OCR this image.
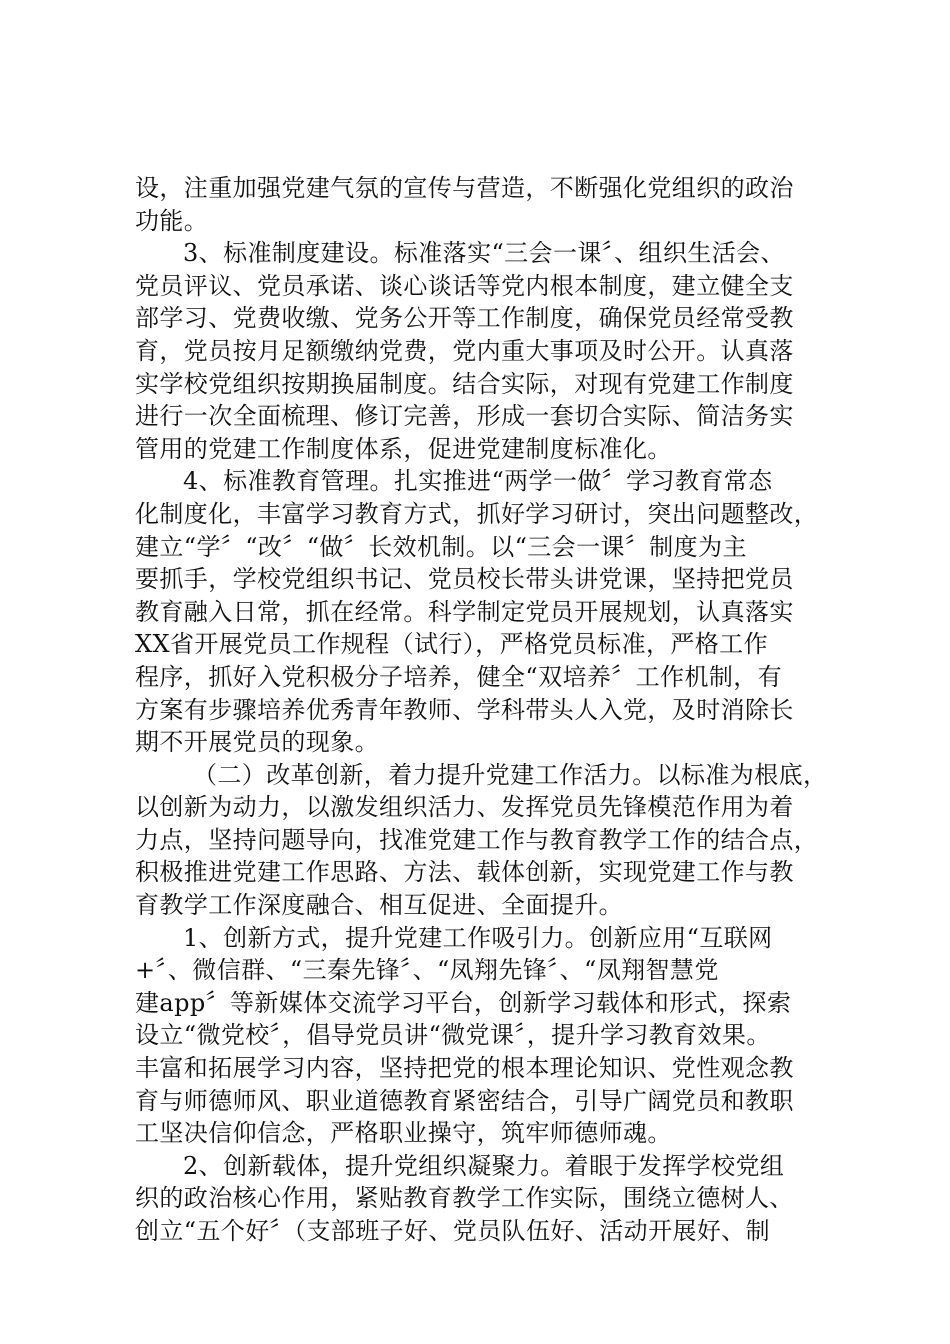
设，注重加强党建气氛的宣传与营造，不断强化党组织的政治
功能。
3、标准制度建设。标准落实“三会一课〞、组织生活会、
党员评议、党员承诺、谈心谈话等党内根本制度，建立健全支
部学习、党费收缴、党务公开等工作制度，确保党员经常受教
育，党员按月足额缴纳党费，党内重大事项及时公开。认真落
实学校党组织按期换届制度。结合实际，对现有党建工作制度
进行一次全面梳理、修订完善，形成一套切合实际、简洁务实
管用的党建工作制度体系，促进党建制度标准化。
4、标准教育管理。扎实推进“两学一做〞学习教育常态
化制度化，丰富学习教育方式，抓好学习研讨，突出问题整改，
建立“学〞“改〞“做〞长效机制。以“三会一课〞制度为主
要抓手，学校党组织书记、党员校长带头讲党课，坚持把党员
教育融入日常，抓在经常。科学制定党员开展规划，认真落实
XX省开展党员工作规程（试行），严格党员标准，严格工作
程序，抓好入党积极分子培养，健全“双培养〞工作机制，有
方案有步骤培养优秀青年教师、学科带头人入党，及时消除长
期不开展党员的现象。
（二）改革创新，着力提升党建工作活力。以标准为根底，
以创新为动力，以激发组织活力、发挥党员先锋模范作用为着
力点，坚持问题导向，找准党建工作与教育教学工作的结合点，
积极推进党建工作思路、方法、载体创新，实现党建工作与教
育教学工作深度融合、相互促进、全面提升。
1、创新方式，提升党建工作吸引力。创新应用“互联网
+〞、微信群、“三秦先锋〞、“凤翔先锋〞、“凤翔智慧党
建app〞等新媒体交流学习平台，创新学习载体和形式，探索
设立“微党校〞，倡导党员讲“微党课〞，提升学习教育效果。
丰富和拓展学习内容，坚持把党的根本理论知识、党性观念教
育与师德师风、职业道德教育紧密结合，引导广阔党员和教职
工坚决信仰信念，严格职业操守，筑牢师德师魂。
2、创新载体，提升党组织凝聚力。着眼于发挥学校党组
织的政治核心作用，紧贴教育教学工作实际，围绕立德树人、
创立“五个好〞（支部班子好、党员队伍好、活动开展好、制
